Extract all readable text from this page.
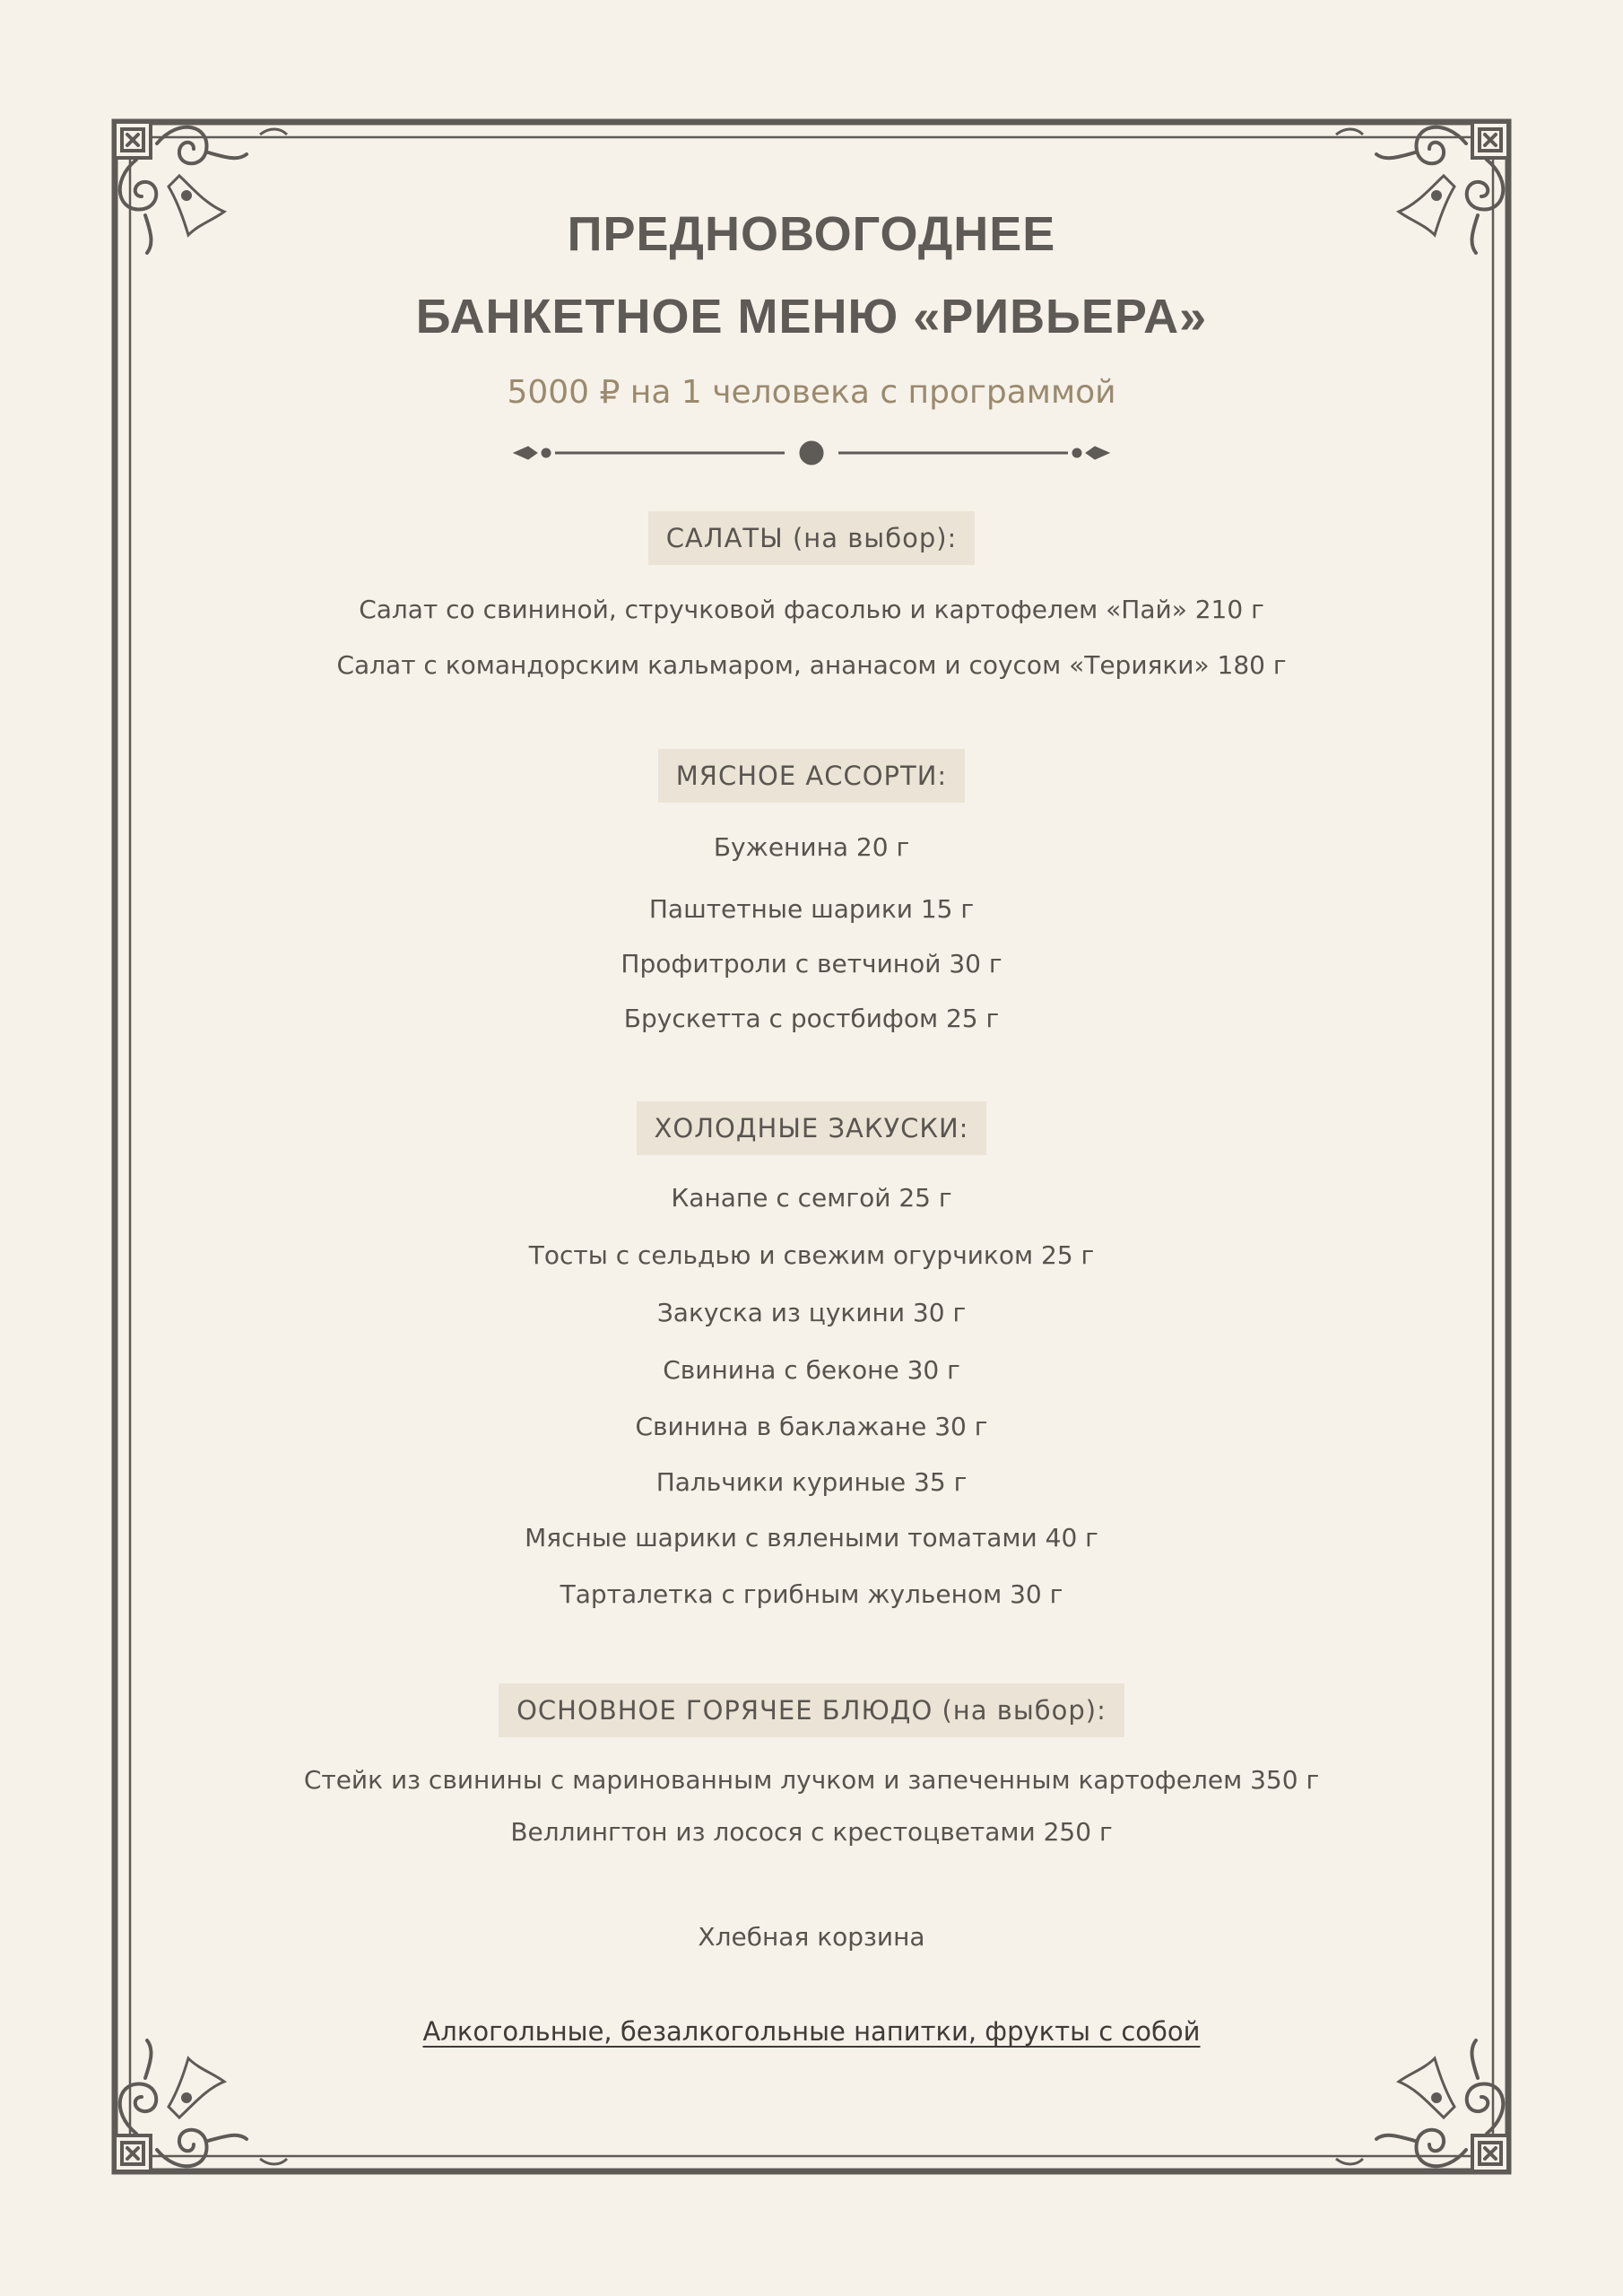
ПРЕДНОВОГОДНЕЕ
БАНКЕТНОЕ МЕНЮ «РИВЬЕРА»
5000 ₽ на 1 человека с программой
САЛАТЫ (на выбор):
Салат со свининой, стручковой фасолью и картофелем «Пай» 210 г
Салат с командорским кальмаром, ананасом и соусом «Терияки» 180 г
МЯСНОЕ АССОРТИ:
Буженина 20 г
Паштетные шарики 15 г
Профитроли с ветчиной 30 г
Брускетта с ростбифом 25 г
ХОЛОДНЫЕ ЗАКУСКИ:
Канапе с семгой 25 г
Тосты с сельдью и свежим огурчиком 25 г
Закуска из цукини 30 г
Свинина с беконе 30 г
Свинина в баклажане 30 г
Пальчики куриные 35 г
Мясные шарики с вялеными томатами 40 г
Тарталетка с грибным жульеном 30 г
ОСНОВНОЕ ГОРЯЧЕЕ БЛЮДО (на выбор):
Стейк из свинины с маринованным лучком и запеченным картофелем 350 г
Веллингтон из лосося с крестоцветами 250 г
Хлебная корзина
Алкогольные, безалкогольные напитки, фрукты с собой
